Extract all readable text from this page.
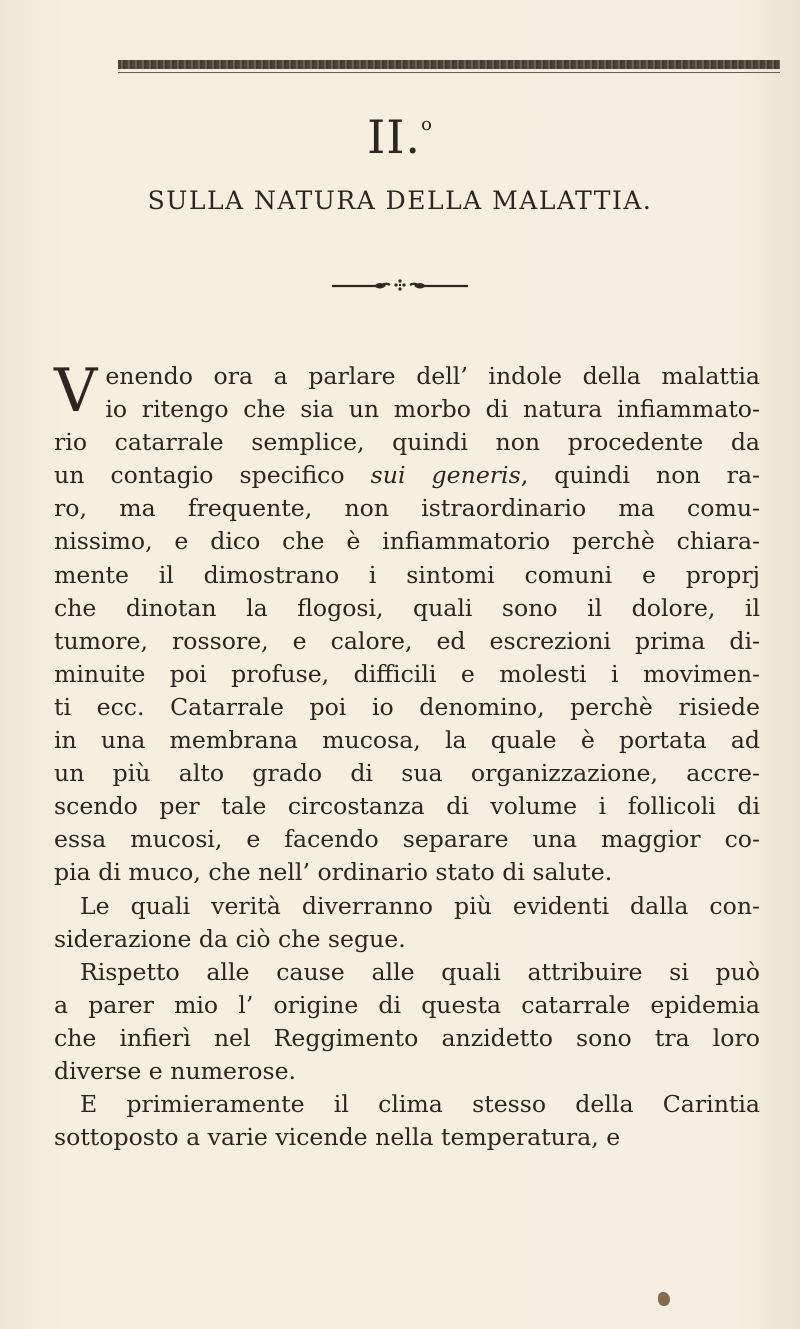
II.$^o$
SULLA NATURA DELLA MALATTIA.
V enendo ora a parlare dell’ indole della malattia
io ritengo che sia un morbo di natura infiammato-
rio catarrale semplice, quindi non procedente da
un contagio specifico sui generis, quindi non ra-
ro, ma frequente, non istraordinario ma comu-
nissimo, e dico che è infiammatorio perchè chiara-
mente il dimostrano i sintomi comuni e proprj
che dinotan la flogosi, quali sono il dolore, il
tumore, rossore, e calore, ed escrezioni prima di-
minuite poi profuse, difficili e molesti i movimen-
ti ecc. Catarrale poi io denomino, perchè risiede
in una membrana mucosa, la quale è portata ad
un più alto grado di sua organizzazione, accre-
scendo per tale circostanza di volume i follicoli di
essa mucosi, e facendo separare una maggior co-
pia di muco, che nell’ ordinario stato di salute.
Le quali verità diverranno più evidenti dalla con-
siderazione da ciò che segue.
Rispetto alle cause alle quali attribuire si può
a parer mio l’ origine di questa catarrale epidemia
che infierì nel Reggimento anzidetto sono tra loro
diverse e numerose.
E primieramente il clima stesso della Carintia
sottoposto a varie vicende nella temperatura, e
